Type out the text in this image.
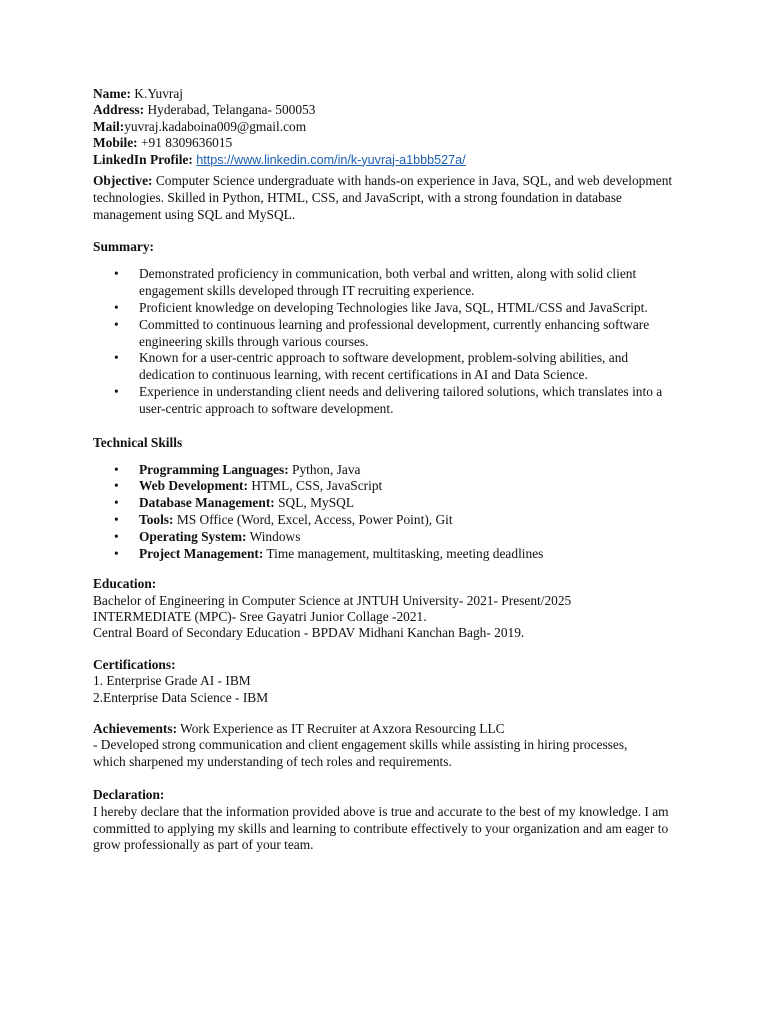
Name: K.Yuvraj
Address: Hyderabad, Telangana- 500053
Mail:yuvraj.kadaboina009@gmail.com
Mobile: +91 8309636015
LinkedIn Profile: https://www.linkedin.com/in/k-yuvraj-a1bbb527a/
Objective: Computer Science undergraduate with hands-on experience in Java, SQL, and web development technologies. Skilled in Python, HTML, CSS, and JavaScript, with a strong foundation in database management using SQL and MySQL.
Summary:
• Demonstrated proficiency in communication, both verbal and written, along with solid client engagement skills developed through IT recruiting experience.
• Proficient knowledge on developing Technologies like Java, SQL, HTML/CSS and JavaScript.
• Committed to continuous learning and professional development, currently enhancing software engineering skills through various courses.
• Known for a user-centric approach to software development, problem-solving abilities, and dedication to continuous learning, with recent certifications in AI and Data Science.
• Experience in understanding client needs and delivering tailored solutions, which translates into a user-centric approach to software development.
Technical Skills
• Programming Languages: Python, Java
• Web Development: HTML, CSS, JavaScript
• Database Management: SQL, MySQL
• Tools: MS Office (Word, Excel, Access, Power Point), Git
• Operating System: Windows
• Project Management: Time management, multitasking, meeting deadlines
Education:
Bachelor of Engineering in Computer Science at JNTUH University- 2021- Present/2025
INTERMEDIATE (MPC)- Sree Gayatri Junior Collage -2021.
Central Board of Secondary Education - BPDAV Midhani Kanchan Bagh- 2019.
Certifications:
1. Enterprise Grade AI - IBM
2.Enterprise Data Science - IBM
Achievements: Work Experience as IT Recruiter at Axzora Resourcing LLC
- Developed strong communication and client engagement skills while assisting in hiring processes,
which sharpened my understanding of tech roles and requirements.
Declaration:
I hereby declare that the information provided above is true and accurate to the best of my knowledge. I am committed to applying my skills and learning to contribute effectively to your organization and am eager to grow professionally as part of your team.
